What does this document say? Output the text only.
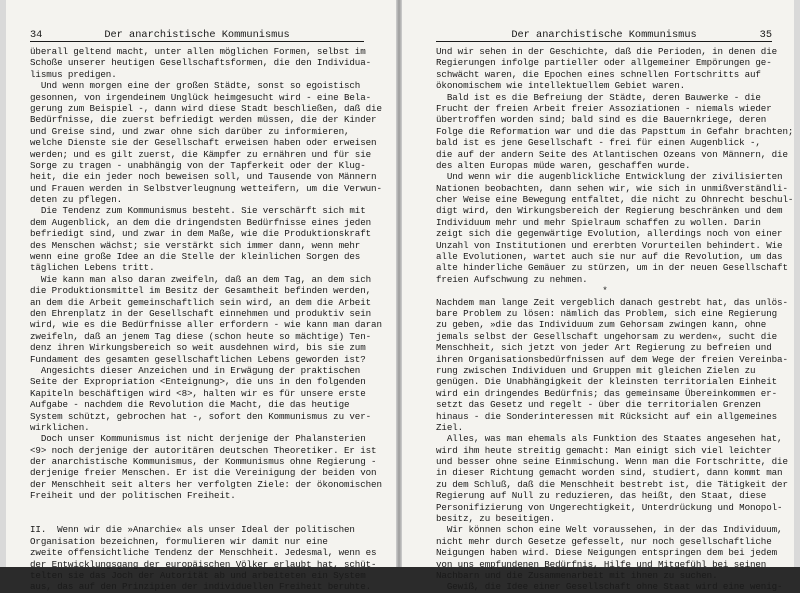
34

	Der anarchistische Kommunismus

überall geltend macht, unter allen möglichen Formen, selbst im
Schoße unserer heutigen Gesellschaftsformen, die den Individua-
lismus predigen.
Und wenn morgen eine der großen Städte, sonst so egoistisch
gesonnen, von irgendeinem Unglück heimgesucht wird - eine Bela-
gerung zum Beispiel -, dann wird diese Stadt beschließen, daß die
Bedürfnisse, die zuerst befriedigt werden müssen, die der Kinder
und Greise sind, und zwar ohne sich darüber zu informieren,
welche Dienste sie der Gesellschaft erweisen haben oder erweisen
werden; und es gilt zuerst, die Kämpfer zu ernähren und für sie
Sorge zu tragen - unabhängig von der Tapferkeit oder der Klug-
heit, die ein jeder noch beweisen soll, und Tausende von Männern
und Frauen werden in Selbstverleugnung wetteifern, um die Verwun-
deten zu pflegen.
Die Tendenz zum Kommunismus besteht. Sie verschärft sich mit
dem Augenblick, an dem die dringendsten Bedürfnisse eines jeden
befriedigt sind, und zwar in dem Maße, wie die Produktionskraft
des Menschen wächst; sie verstärkt sich immer dann, wenn mehr
wenn eine große Idee an die Stelle der kleinlichen Sorgen des
täglichen Lebens tritt.
Wie kann man also daran zweifeln, daß an dem Tag, an dem sich
die Produktionsmittel im Besitz der Gesamtheit befinden werden,
an dem die Arbeit gemeinschaftlich sein wird, an dem die Arbeit
den Ehrenplatz in der Gesellschaft einnehmen und produktiv sein
wird, wie es die Bedürfnisse aller erfordern - wie kann man daran
zweifeln, daß an jenem Tag diese (schon heute so mächtige) Ten-
denz ihren Wirkungsbereich so weit ausdehnen wird, bis sie zum
Fundament des gesamten gesellschaftlichen Lebens geworden ist?
Angesichts dieser Anzeichen und in Erwägung der praktischen
Seite der Expropriation <Enteignung>, die uns in den folgenden
Kapiteln beschäftigen wird <8>, halten wir es für unsere erste
Aufgabe - nachdem die Revolution die Macht, die das heutige
System schützt, gebrochen hat -, sofort den Kommunismus zu ver-
wirklichen.
Doch unser Kommunismus ist nicht derjenige der Phalansterien
<9> noch derjenige der autoritären deutschen Theoretiker. Er ist
der anarchistische Kommunismus, der Kommunismus ohne Regierung -
derjenige freier Menschen. Er ist die Vereinigung der beiden von
der Menschheit seit alters her verfolgten Ziele: der ökonomischen
Freiheit und der politischen Freiheit.
II.  Wenn wir die »Anarchie« als unser Ideal der politischen
Organisation bezeichnen, formulieren wir damit nur eine
zweite offensichtliche Tendenz der Menschheit. Jedesmal, wenn es
der Entwicklungsgang der europäischen Völker erlaubt hat, schüt-
telten sie das Joch der Autorität ab und arbeiteten ein System
aus, das auf den Prinzipien der individuellen Freiheit beruhte.

Der anarchistische Kommunismus

	35

Und wir sehen in der Geschichte, daß die Perioden, in denen die
Regierungen infolge partieller oder allgemeiner Empörungen ge-
schwächt waren, die Epochen eines schnellen Fortschritts auf
ökonomischem wie intellektuellem Gebiet waren.
Bald ist es die Befreiung der Städte, deren Bauwerke - die
Frucht der freien Arbeit freier Assoziationen - niemals wieder
übertroffen worden sind; bald sind es die Bauernkriege, deren
Folge die Reformation war und die das Papsttum in Gefahr brachten;
bald ist es jene Gesellschaft - frei für einen Augenblick -,
die auf der andern Seite des Atlantischen Ozeans von Männern, die
des alten Europas müde waren, geschaffen wurde.
Und wenn wir die augenblickliche Entwicklung der zivilisierten
Nationen beobachten, dann sehen wir, wie sich in unmißverständli-
cher Weise eine Bewegung entfaltet, die nicht zu Ohnrecht beschul-
digt wird, den Wirkungsbereich der Regierung beschränken und dem
Individuum mehr und mehr Spielraum schaffen zu wollen. Darin
zeigt sich die gegenwärtige Evolution, allerdings noch von einer
Unzahl von Institutionen und ererbten Vorurteilen behindert. Wie
alle Evolutionen, wartet auch sie nur auf die Revolution, um das
alte hinderliche Gemäuer zu stürzen, um in der neuen Gesellschaft
freien Aufschwung zu nehmen.
*
Nachdem man lange Zeit vergeblich danach gestrebt hat, das unlös-
bare Problem zu lösen: nämlich das Problem, sich eine Regierung
zu geben, »die das Individuum zum Gehorsam zwingen kann, ohne
jemals selbst der Gesellschaft ungehorsam zu werden«, sucht die
Menschheit, sich jetzt von jeder Art Regierung zu befreien und
ihren Organisationsbedürfnissen auf dem Wege der freien Vereinba-
rung zwischen Individuen und Gruppen mit gleichen Zielen zu
genügen. Die Unabhängigkeit der kleinsten territorialen Einheit
wird ein dringendes Bedürfnis; das gemeinsame Übereinkommen er-
setzt das Gesetz und regelt - über die territorialen Grenzen
hinaus - die Sonderinteressen mit Rücksicht auf ein allgemeines
Ziel.
Alles, was man ehemals als Funktion des Staates angesehen hat,
wird ihm heute streitig gemacht: Man einigt sich viel leichter
und besser ohne seine Einmischung. Wenn man die Fortschritte, die
in dieser Richtung gemacht worden sind, studiert, dann kommt man
zu dem Schluß, daß die Menschheit bestrebt ist, die Tätigkeit der
Regierung auf Null zu reduzieren, das heißt, den Staat, diese
Personifizierung von Ungerechtigkeit, Unterdrückung und Monopol-
besitz, zu beseitigen.
Wir können schon eine Welt voraussehen, in der das Individuum,
nicht mehr durch Gesetze gefesselt, nur noch gesellschaftliche
Neigungen haben wird. Diese Neigungen entspringen dem bei jedem
von uns empfundenen Bedürfnis, Hilfe und Mitgefühl bei seinen
Nachbarn und die Zusammenarbeit mit ihnen zu suchen.
Gewiß, die Idee einer Gesellschaft ohne Staat wird eine wenig-
